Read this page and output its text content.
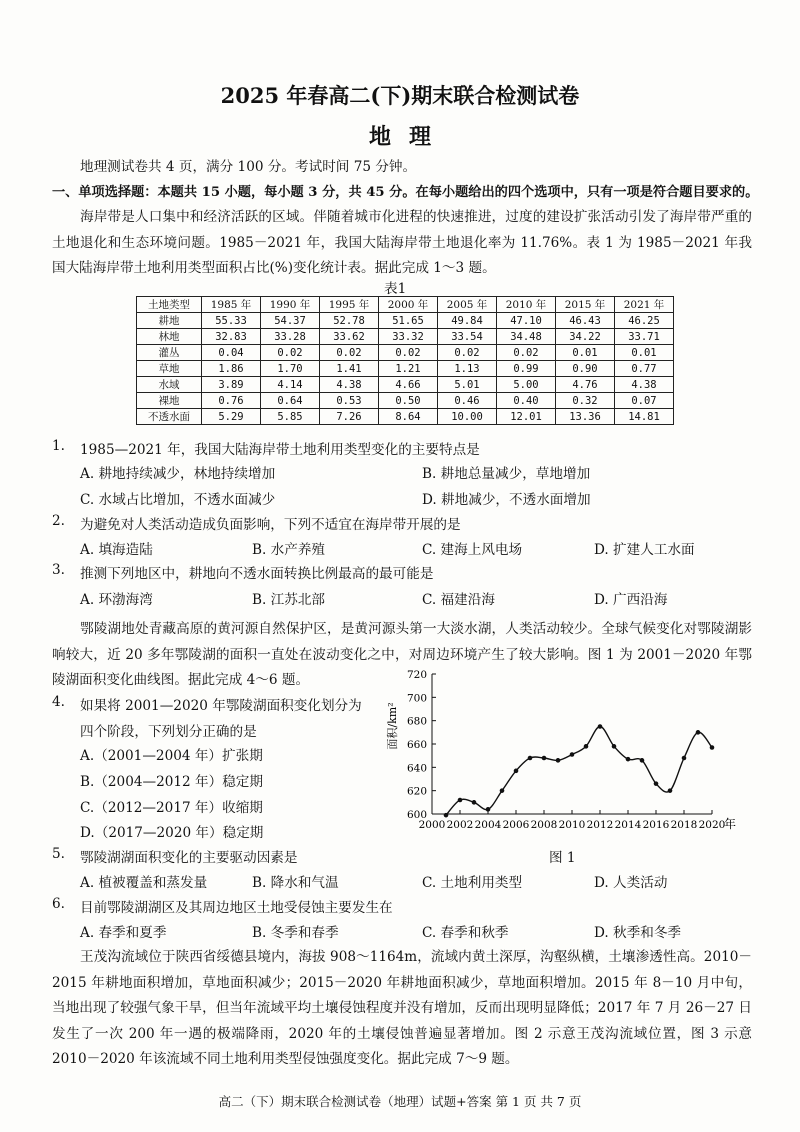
2025 年春高二(下)期末联合检测试卷
地理
地理测试卷共 4 页，满分 100 分。考试时间 75 分钟。
一、单项选择题：本题共 15 小题，每小题 3 分，共 45 分。在每小题给出的四个选项中，只有一项是符合题目要求的。
海岸带是人口集中和经济活跃的区域。伴随着城市化进程的快速推进，过度的建设扩张活动引发了海岸带严重的土地退化和生态环境问题。1985－2021 年，我国大陆海岸带土地退化率为 11.76%。表 1 为 1985－2021 年我国大陆海岸带土地利用类型面积占比(%)变化统计表。据此完成 1～3 题。
表1
土地类型	1985 年	1990 年	1995 年	2000 年	2005 年	2010 年	2015 年	2021 年
耕地	55.33	54.37	52.78	51.65	49.84	47.10	46.43	46.25
林地	32.83	33.28	33.62	33.32	33.54	34.48	34.22	33.71
灌丛	0.04	0.02	0.02	0.02	0.02	0.02	0.01	0.01
草地	1.86	1.70	1.41	1.21	1.13	0.99	0.90	0.77
水域	3.89	4.14	4.38	4.66	5.01	5.00	4.76	4.38
裸地	0.76	0.64	0.53	0.50	0.46	0.40	0.32	0.07
不透水面	5.29	5.85	7.26	8.64	10.00	12.01	13.36	14.81
1. 1985—2021 年，我国大陆海岸带土地利用类型变化的主要特点是
A. 耕地持续减少，林地持续增加	B. 耕地总量减少，草地增加
C. 水域占比增加，不透水面减少	D. 耕地减少，不透水面增加
2. 为避免对人类活动造成负面影响，下列不适宜在海岸带开展的是
A. 填海造陆	B. 水产养殖	C. 建海上风电场	D. 扩建人工水面
3. 推测下列地区中，耕地向不透水面转换比例最高的最可能是
A. 环渤海湾	B. 江苏北部	C. 福建沿海	D. 广西沿海
鄂陵湖地处青藏高原的黄河源自然保护区，是黄河源头第一大淡水湖，人类活动较少。全球气候变化对鄂陵湖影响较大，近 20 多年鄂陵湖的面积一直处在波动变化之中，对周边环境产生了较大影响。图 1 为 2001－2020 年鄂陵湖面积变化曲线图。据此完成 4～6 题。
4. 如果将 2001—2020 年鄂陵湖面积变化划分为
四个阶段，下列划分正确的是
A.（2001—2004 年）扩张期
B.（2004—2012 年）稳定期
C.（2012—2017 年）收缩期
D.（2017—2020 年）稳定期
600
620
640
660
680
700
720
2000 2002 2004 2006 2008 2010 2012 2014 2016 2018 2020
面积/km²
年
图 1
5. 鄂陵湖湖面积变化的主要驱动因素是
A. 植被覆盖和蒸发量	B. 降水和气温	C. 土地利用类型	D. 人类活动
6. 目前鄂陵湖湖区及其周边地区土地受侵蚀主要发生在
A. 春季和夏季	B. 冬季和春季	C. 春季和秋季	D. 秋季和冬季
王茂沟流域位于陕西省绥德县境内，海拔 908～1164m，流域内黄土深厚，沟壑纵横，土壤渗透性高。2010－2015 年耕地面积增加，草地面积减少；2015－2020 年耕地面积减少，草地面积增加。2015 年 8－10 月中旬，当地出现了较强气象干旱，但当年流域平均土壤侵蚀程度并没有增加，反而出现明显降低；2017 年 7 月 26－27 日发生了一次 200 年一遇的极端降雨，2020 年的土壤侵蚀普遍显著增加。图 2 示意王茂沟流域位置，图 3 示意 2010－2020 年该流域不同土地利用类型侵蚀强度变化。据此完成 7～9 题。
高二（下）期末联合检测试卷（地理）试题+答案 第 1 页 共 7 页
